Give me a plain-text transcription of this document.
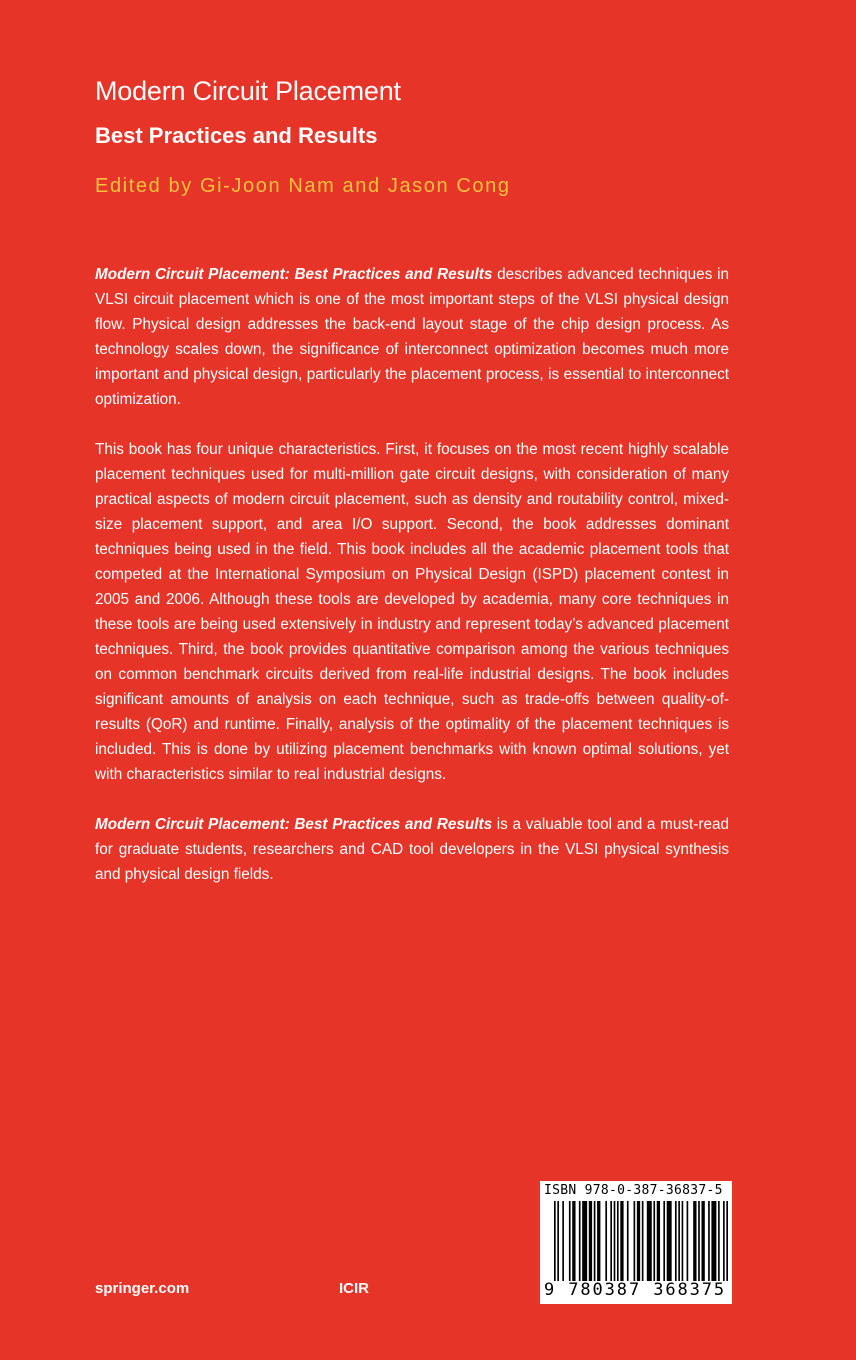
Modern Circuit Placement
Best Practices and Results
Edited by Gi-Joon Nam and Jason Cong

Modern Circuit Placement: Best Practices and Results describes advanced techniques in VLSI circuit placement which is one of the most important steps of the VLSI physical design flow. Physical design addresses the back-end layout stage of the chip design process. As technology scales down, the significance of interconnect optimization becomes much more important and physical design, particularly the placement process, is essential to interconnect optimization.

This book has four unique characteristics. First, it focuses on the most recent highly scalable placement techniques used for multi-million gate circuit designs, with consideration of many practical aspects of modern circuit placement, such as density and routability control, mixed-size placement support, and area I/O support. Second, the book addresses dominant techniques being used in the field. This book includes all the academic placement tools that competed at the International Symposium on Physical Design (ISPD) placement contest in 2005 and 2006. Although these tools are developed by academia, many core techniques in these tools are being used extensively in industry and represent today’s advanced placement techniques. Third, the book provides quantitative comparison among the various techniques on common benchmark circuits derived from real-life industrial designs. The book includes significant amounts of analysis on each technique, such as trade-offs between quality-of-results (QoR) and runtime. Finally, analysis of the optimality of the placement techniques is included. This is done by utilizing placement benchmarks with known optimal solutions, yet with characteristics similar to real industrial designs.

Modern Circuit Placement: Best Practices and Results is a valuable tool and a must-read for graduate students, researchers and CAD tool developers in the VLSI physical synthesis and physical design fields.

springer.com	ICIR
ISBN 978-0-387-36837-5
9 780387 368375
